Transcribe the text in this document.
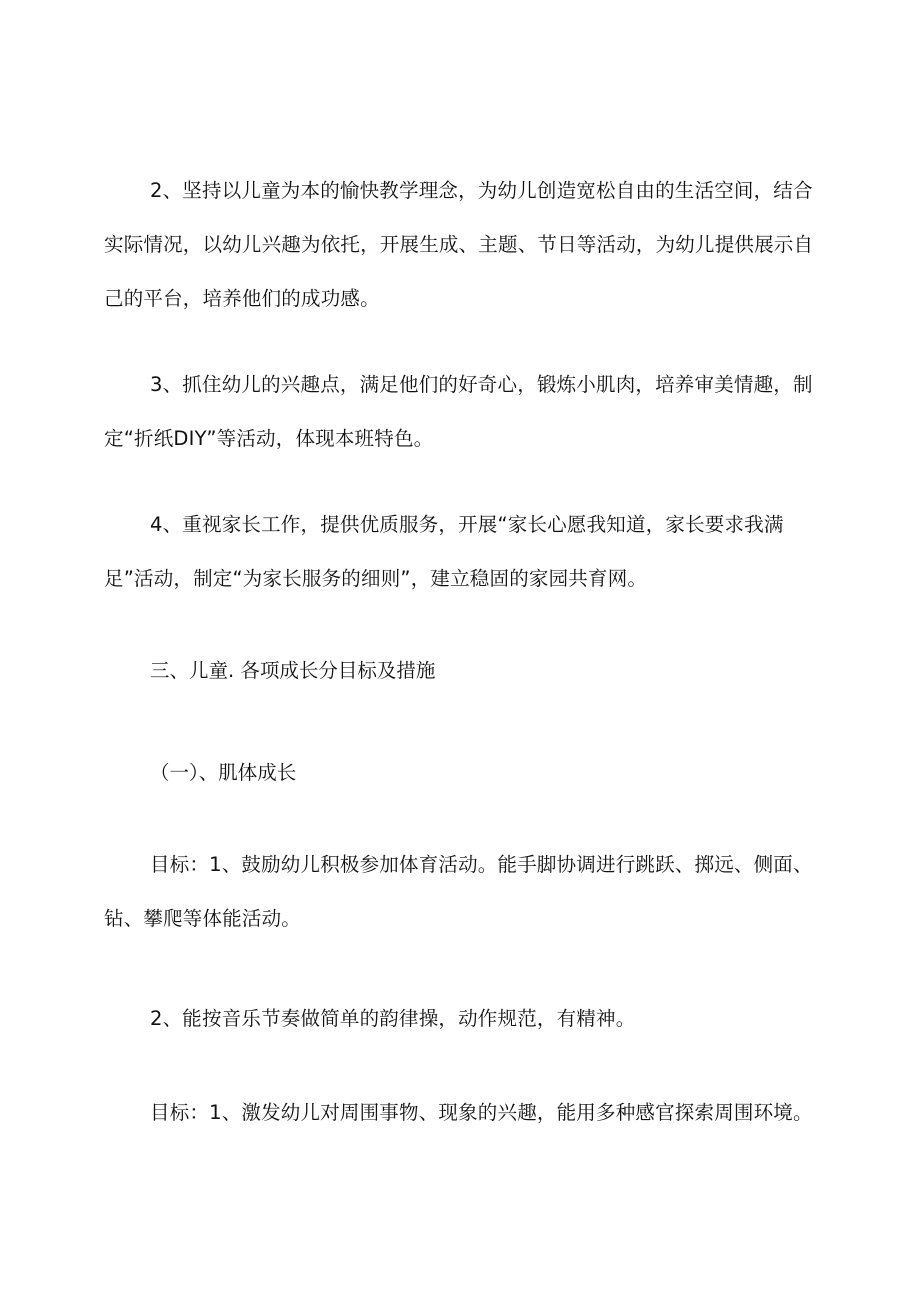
2、坚持以儿童为本的愉快教学理念，为幼儿创造宽松自由的生活空间，结合实际情况，以幼儿兴趣为依托，开展生成、主题、节日等活动，为幼儿提供展示自己的平台，培养他们的成功感。

3、抓住幼儿的兴趣点，满足他们的好奇心，锻炼小肌肉，培养审美情趣，制定“折纸DIY”等活动，体现本班特色。

4、重视家长工作，提供优质服务，开展“家长心愿我知道，家长要求我满足”活动，制定“为家长服务的细则”，建立稳固的家园共育网。

三、儿童. 各项成长分目标及措施
（一）、肌体成长

目标：1、鼓励幼儿积极参加体育活动。能手脚协调进行跳跃、掷远、侧面、钻、攀爬等体能活动。

2、能按音乐节奏做简单的韵律操，动作规范，有精神。

目标：1、激发幼儿对周围事物、现象的兴趣，能用多种感官探索周围环境。
